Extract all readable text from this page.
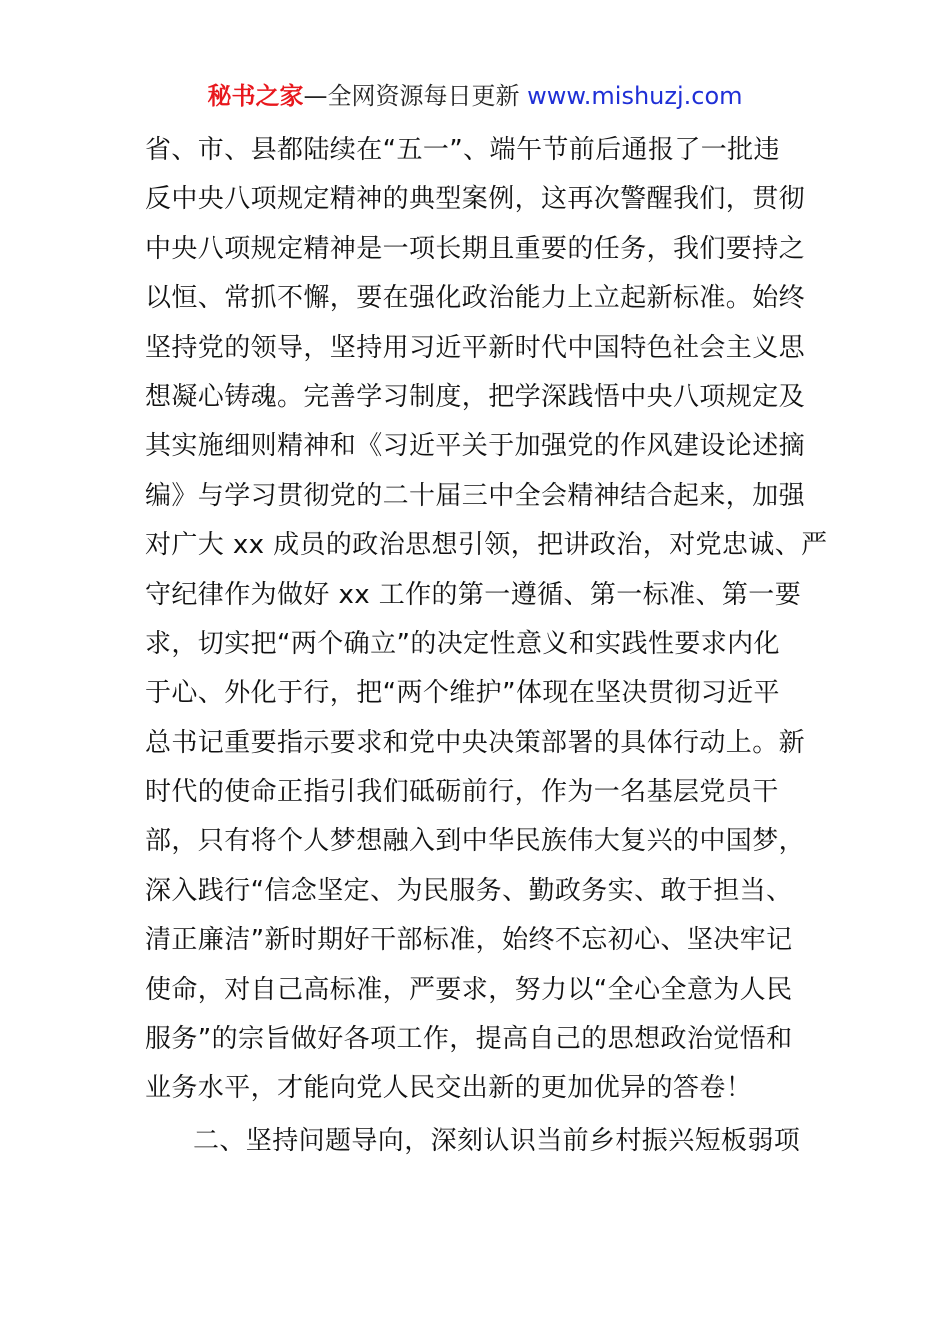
秘书之家—全网资源每日更新 www.mishuzj.com
省、市、县都陆续在“五一”、端午节前后通报了一批违
反中央八项规定精神的典型案例，这再次警醒我们，贯彻
中央八项规定精神是一项长期且重要的任务，我们要持之
以恒、常抓不懈，要在强化政治能力上立起新标准。始终
坚持党的领导，坚持用习近平新时代中国特色社会主义思
想凝心铸魂。完善学习制度，把学深践悟中央八项规定及
其实施细则精神和《习近平关于加强党的作风建设论述摘
编》与学习贯彻党的二十届三中全会精神结合起来，加强
对广大 xx 成员的政治思想引领，把讲政治，对党忠诚、严
守纪律作为做好 xx 工作的第一遵循、第一标准、第一要
求，切实把“两个确立”的决定性意义和实践性要求内化
于心、外化于行，把“两个维护”体现在坚决贯彻习近平
总书记重要指示要求和党中央决策部署的具体行动上。新
时代的使命正指引我们砥砺前行，作为一名基层党员干
部，只有将个人梦想融入到中华民族伟大复兴的中国梦，
深入践行“信念坚定、为民服务、勤政务实、敢于担当、
清正廉洁”新时期好干部标准，始终不忘初心、坚决牢记
使命，对自己高标准，严要求，努力以“全心全意为人民
服务”的宗旨做好各项工作，提高自己的思想政治觉悟和
业务水平，才能向党人民交出新的更加优异的答卷！
二、坚持问题导向，深刻认识当前乡村振兴短板弱项
